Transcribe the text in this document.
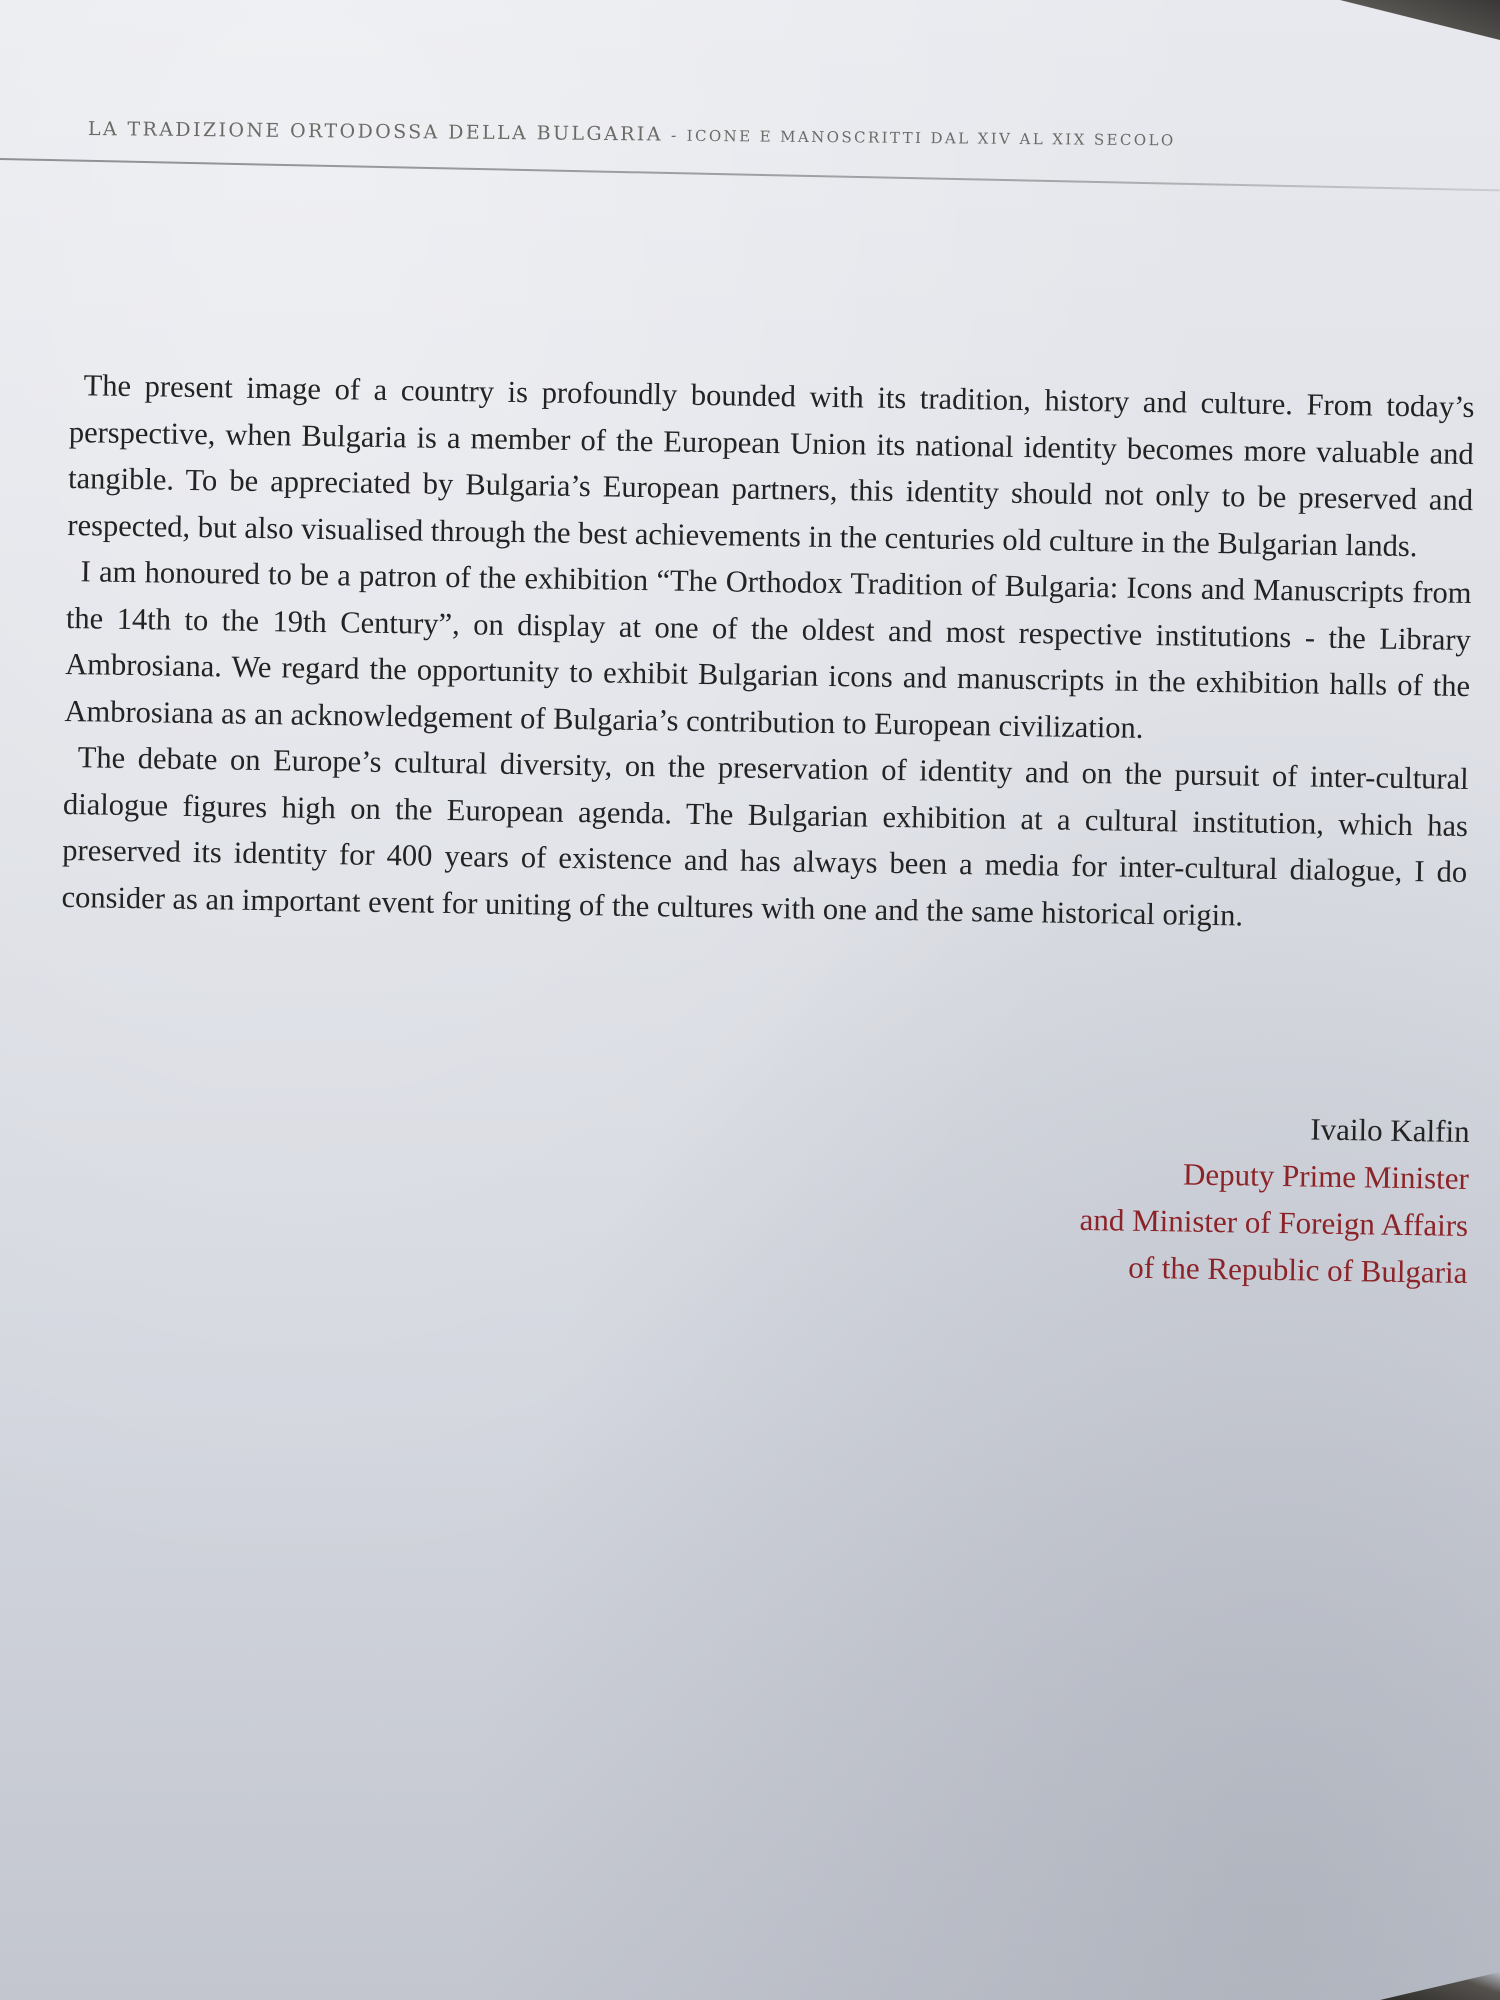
LA TRADIZIONE ORTODOSSA DELLA BULGARIA - ICONE E MANOSCRITTI DAL XIV AL XIX SECOLO

The present image of a country is profoundly bounded with its tradition, history and culture. From today’s perspective, when Bulgaria is a member of the European Union its national identity becomes more valuable and tangible. To be appreciated by Bulgaria’s European partners, this identity should not only to be preserved and respected, but also visualised through the best achievements in the centuries old culture in the Bulgarian lands.

I am honoured to be a patron of the exhibition “The Orthodox Tradition of Bulgaria: Icons and Manuscripts from the 14th to the 19th Century”, on display at one of the oldest and most respective institutions - the Library Ambrosiana. We regard the opportunity to exhibit Bulgarian icons and manuscripts in the exhibition halls of the Ambrosiana as an acknowledgement of Bulgaria’s contribution to European civilization.

The debate on Europe’s cultural diversity, on the preservation of identity and on the pursuit of inter-cultural dialogue figures high on the European agenda. The Bulgarian exhibition at a cultural institution, which has preserved its identity for 400 years of existence and has always been a media for inter-cultural dialogue, I do consider as an important event for uniting of the cultures with one and the same historical origin.

Ivailo Kalfin
Deputy Prime Minister
and Minister of Foreign Affairs
of the Republic of Bulgaria
